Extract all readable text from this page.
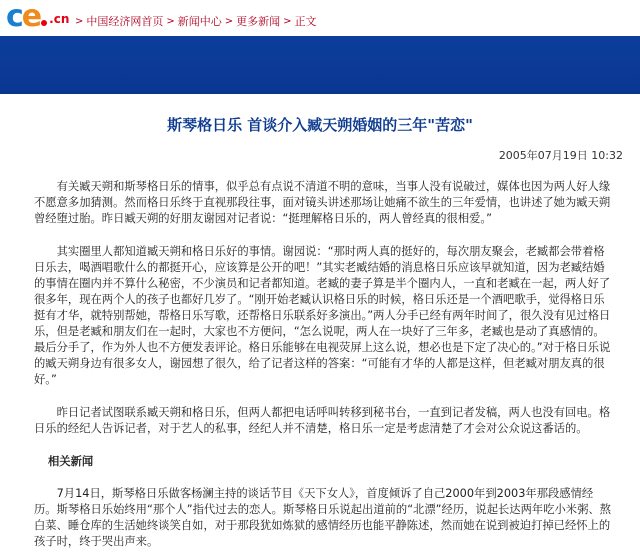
ce .cn > 中国经济网首页 > 新闻中心 > 更多新闻 > 正文
斯琴格日乐 首谈介入臧天朔婚姻的三年"苦恋"
2005年07月19日 10:32

有关臧天朔和斯琴格日乐的情事，似乎总有点说不清道不明的意味，当事人没有说破过，媒体也因为两人好人缘不愿意多加猜测。然而格日乐终于直视那段往事，面对镜头讲述那场让她痛不欲生的三年爱情，也讲述了她为臧天朔曾经堕过胎。昨日臧天朔的好朋友谢园对记者说：“挺理解格日乐的，两人曾经真的很相爱。”

其实圈里人都知道臧天朔和格日乐好的事情。谢园说：“那时两人真的挺好的，每次朋友聚会，老臧都会带着格日乐去，喝酒唱歌什么的都挺开心，应该算是公开的吧！”其实老臧结婚的消息格日乐应该早就知道，因为老臧结婚的事情在圈内并不算什么秘密，不少演员和记者都知道。老臧的妻子算是半个圈内人，一直和老臧在一起，两人好了很多年，现在两个人的孩子也都好几岁了。“刚开始老臧认识格日乐的时候，格日乐还是一个酒吧歌手，觉得格日乐挺有才华，就特别帮她，帮格日乐写歌，还帮格日乐联系好多演出。”两人分手已经有两年时间了，很久没有见过格日乐，但是老臧和朋友们在一起时，大家也不方便问，“怎么说呢，两人在一块好了三年多，老臧也是动了真感情的。最后分手了，作为外人也不方便发表评论。格日乐能够在电视荧屏上这么说，想必也是下定了决心的。”对于格日乐说的臧天朔身边有很多女人，谢园想了很久，给了记者这样的答案：“可能有才华的人都是这样，但老臧对朋友真的很好。”

昨日记者试图联系臧天朔和格日乐，但两人都把电话呼叫转移到秘书台，一直到记者发稿，两人也没有回电。格日乐的经纪人告诉记者，对于艺人的私事，经纪人并不清楚，格日乐一定是考虑清楚了才会对公众说这番话的。

相关新闻

7月14日，斯琴格日乐做客杨澜主持的谈话节目《天下女人》，首度倾诉了自己2000年到2003年那段感情经历。斯琴格日乐始终用“那个人”指代过去的恋人。斯琴格日乐说起出道前的“北漂”经历，说起长达两年吃小米粥、熬白菜、睡仓库的生活她终谈笑自如，对于那段犹如炼狱的感情经历也能平静陈述，然而她在说到被迫打掉已经怀上的孩子时，终于哭出声来。
